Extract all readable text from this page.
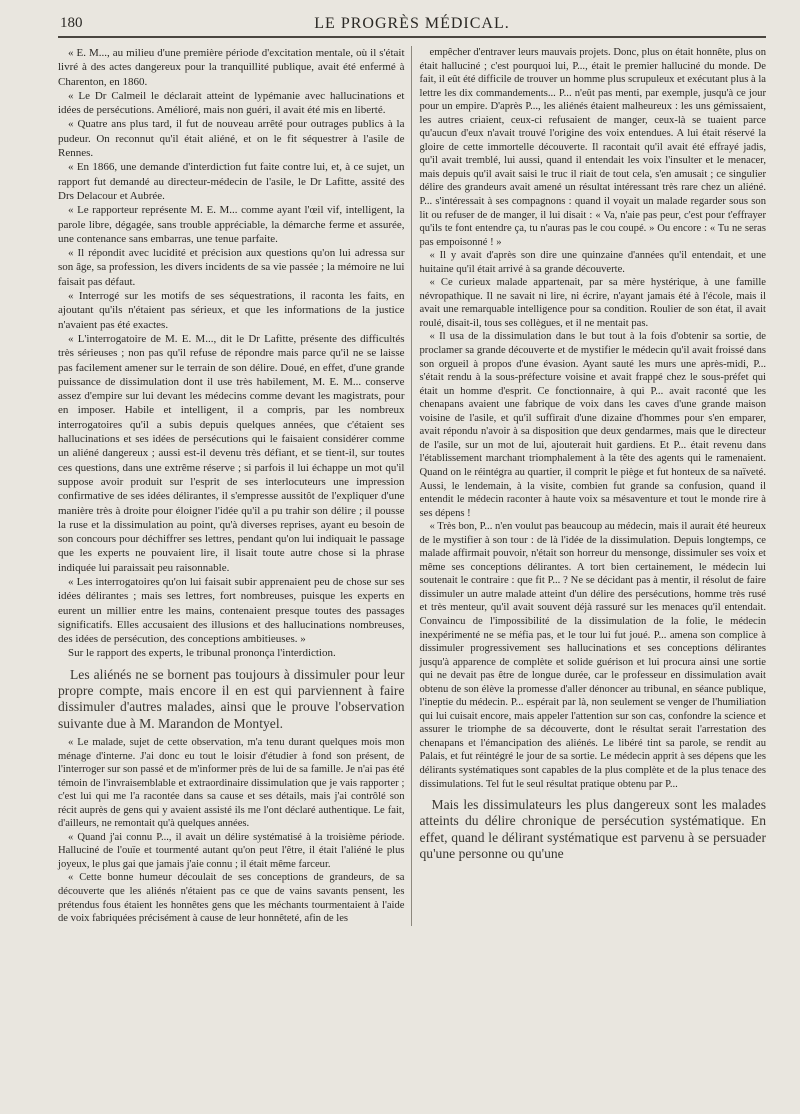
180	LE PROGRÈS MÉDICAL.

« E. M..., au milieu d'une première période d'excitation mentale, où il s'était livré à des actes dangereux pour la tranquillité publique, avait été enfermé à Charenton, en 1860.

« Le Dr Calmeil le déclarait atteint de lypémanie avec hallucinations et idées de persécutions. Amélioré, mais non guéri, il avait été mis en liberté.

« Quatre ans plus tard, il fut de nouveau arrêté pour outrages publics à la pudeur. On reconnut qu'il était aliéné, et on le fit séquestrer à l'asile de Rennes.

« En 1866, une demande d'interdiction fut faite contre lui, et, à ce sujet, un rapport fut demandé au directeur-médecin de l'asile, le Dr Lafitte, assité des Drs Delacour et Aubrée.

« Le rapporteur représente M. E. M... comme ayant l'œil vif, intelligent, la parole libre, dégagée, sans trouble appréciable, la démarche ferme et assurée, une contenance sans embarras, une tenue parfaite.

« Il répondit avec lucidité et précision aux questions qu'on lui adressa sur son âge, sa profession, les divers incidents de sa vie passée ; la mémoire ne lui faisait pas défaut.

« Interrogé sur les motifs de ses séquestrations, il raconta les faits, en ajoutant qu'ils n'étaient pas sérieux, et que les informations de la justice n'avaient pas été exactes.

« L'interrogatoire de M. E. M..., dit le Dr Lafitte, présente des difficultés très sérieuses ; non pas qu'il refuse de répondre mais parce qu'il ne se laisse pas facilement amener sur le terrain de son délire. Doué, en effet, d'une grande puissance de dissimulation dont il use très habilement, M. E. M... conserve assez d'empire sur lui devant les médecins comme devant les magistrats, pour en imposer. Habile et intelligent, il a compris, par les nombreux interrogatoires qu'il a subis depuis quelques années, que c'étaient ses hallucinations et ses idées de persécutions qui le faisaient considérer comme un aliéné dangereux ; aussi est-il devenu très défiant, et se tient-il, sur toutes ces questions, dans une extrême réserve ; si parfois il lui échappe un mot qu'il suppose avoir produit sur l'esprit de ses interlocuteurs une impression confirmative de ses idées délirantes, il s'empresse aussitôt de l'expliquer d'une manière très à droite pour éloigner l'idée qu'il a pu trahir son délire ; il pousse la ruse et la dissimulation au point, qu'à diverses reprises, ayant eu besoin de son concours pour déchiffrer ses lettres, pendant qu'on lui indiquait le passage que les experts ne pouvaient lire, il lisait toute autre chose si la phrase indiquée lui paraissait peu raisonnable.

« Les interrogatoires qu'on lui faisait subir apprenaient peu de chose sur ses idées délirantes ; mais ses lettres, fort nombreuses, puisque les experts en eurent un millier entre les mains, contenaient presque toutes des passages significatifs. Elles accusaient des illusions et des hallucinations nombreuses, des idées de persécution, des conceptions ambitieuses. »

Sur le rapport des experts, le tribunal prononça l'interdiction.

Les aliénés ne se bornent pas toujours à dissimuler pour leur propre compte, mais encore il en est qui parviennent à faire dissimuler d'autres malades, ainsi que le prouve l'observation suivante due à M. Marandon de Montyel.

« Le malade, sujet de cette observation, m'a tenu durant quelques mois mon ménage d'interne. J'ai donc eu tout le loisir d'étudier à fond son présent, de l'interroger sur son passé et de m'informer près de lui de sa famille. Je n'ai pas été témoin de l'invraisemblable et extraordinaire dissimulation que je vais rapporter ; c'est lui qui me l'a racontée dans sa cause et ses détails, mais j'ai contrôlé son récit auprès de gens qui y avaient assisté ils me l'ont déclaré authentique. Le fait, d'ailleurs, ne remontait qu'à quelques années.

« Quand j'ai connu P..., il avait un délire systématisé à la troisième période. Halluciné de l'ouïe et tourmenté autant qu'on peut l'être, il était l'aliéné le plus joyeux, le plus gai que jamais j'aie connu ; il était même farceur.

« Cette bonne humeur découlait de ses conceptions de grandeurs, de sa découverte que les aliénés n'étaient pas ce que de vains savants pensent, les prétendus fous étaient les honnêtes gens que les méchants tourmentaient à l'aide de voix fabriquées précisément à cause de leur honnêteté, afin de les

empêcher d'entraver leurs mauvais projets. Donc, plus on était honnête, plus on était halluciné ; c'est pourquoi lui, P..., était le premier halluciné du monde. De fait, il eût été difficile de trouver un homme plus scrupuleux et exécutant plus à la lettre les dix commandements... P... n'eût pas menti, par exemple, jusqu'à ce jour pour un empire. D'après P..., les aliénés étaient malheureux : les uns gémissaient, les autres criaient, ceux-ci refusaient de manger, ceux-là se tuaient parce qu'aucun d'eux n'avait trouvé l'origine des voix entendues. A lui était réservé la gloire de cette immortelle découverte. Il racontait qu'il avait été effrayé jadis, qu'il avait tremblé, lui aussi, quand il entendait les voix l'insulter et le menacer, mais depuis qu'il avait saisi le truc il riait de tout cela, s'en amusait ; ce singulier délire des grandeurs avait amené un résultat intéressant très rare chez un aliéné. P... s'intéressait à ses compagnons : quand il voyait un malade regarder sous son lit ou refuser de de manger, il lui disait : « Va, n'aie pas peur, c'est pour t'effrayer qu'ils te font entendre ça, tu n'auras pas le cou coupé. » Ou encore : « Tu ne seras pas empoisonné ! »

« Il y avait d'après son dire une quinzaine d'années qu'il entendait, et une huitaine qu'il était arrivé à sa grande découverte.

« Ce curieux malade appartenait, par sa mère hystérique, à une famille névropathique. Il ne savait ni lire, ni écrire, n'ayant jamais été à l'école, mais il avait une remarquable intelligence pour sa condition. Roulier de son état, il avait roulé, disait-il, tous ses collègues, et il ne mentait pas.

« Il usa de la dissimulation dans le but tout à la fois d'obtenir sa sortie, de proclamer sa grande découverte et de mystifier le médecin qu'il avait froissé dans son orgueil à propos d'une évasion. Ayant sauté les murs une après-midi, P... s'était rendu à la sous-préfecture voisine et avait frappé chez le sous-préfet qui était un homme d'esprit. Ce fonctionnaire, à qui P... avait raconté que les chenapans avaient une fabrique de voix dans les caves d'une grande maison voisine de l'asile, et qu'il suffirait d'une dizaine d'hommes pour s'en emparer, avait répondu n'avoir à sa disposition que deux gendarmes, mais que le directeur de l'asile, sur un mot de lui, ajouterait huit gardiens. Et P... était revenu dans l'établissement marchant triomphalement à la tête des agents qui le ramenaient. Quand on le réintégra au quartier, il comprit le piège et fut honteux de sa naïveté. Aussi, le lendemain, à la visite, combien fut grande sa confusion, quand il entendit le médecin raconter à haute voix sa mésaventure et tout le monde rire à ses dépens !

« Très bon, P... n'en voulut pas beaucoup au médecin, mais il aurait été heureux de le mystifier à son tour : de là l'idée de la dissimulation. Depuis longtemps, ce malade affirmait pouvoir, n'était son horreur du mensonge, dissimuler ses voix et même ses conceptions délirantes. A tort bien certainement, le médecin lui soutenait le contraire : que fit P... ? Ne se décidant pas à mentir, il résolut de faire dissimuler un autre malade atteint d'un délire des persécutions, homme très rusé et très menteur, qu'il avait souvent déjà rassuré sur les menaces qu'il entendait. Convaincu de l'impossibilité de la dissimulation de la folie, le médecin inexpérimenté ne se méfia pas, et le tour lui fut joué. P... amena son complice à dissimuler progressivement ses hallucinations et ses conceptions délirantes jusqu'à apparence de complète et solide guérison et lui procura ainsi une sortie qui ne devait pas être de longue durée, car le professeur en dissimulation avait obtenu de son élève la promesse d'aller dénoncer au tribunal, en séance publique, l'ineptie du médecin. P... espérait par là, non seulement se venger de l'humiliation qui lui cuisait encore, mais appeler l'attention sur son cas, confondre la science et assurer le triomphe de sa découverte, dont le résultat serait l'arrestation des chenapans et l'émancipation des aliénés. Le libéré tint sa parole, se rendit au Palais, et fut réintégré le jour de sa sortie. Le médecin apprit à ses dépens que les délirants systématiques sont capables de la plus complète et de la plus tenace des dissimulations. Tel fut le seul résultat pratique obtenu par P...

Mais les dissimulateurs les plus dangereux sont les malades atteints du délire chronique de persécution systématique. En effet, quand le délirant systématique est parvenu à se persuader qu'une personne ou qu'une
